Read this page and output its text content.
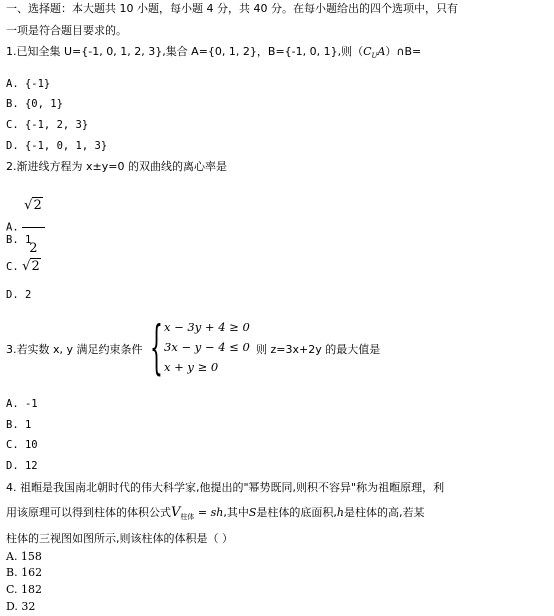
一、选择题：本大题共 10 小题，每小题 4 分，共 40 分。在每小题给出的四个选项中，只有
一项是符合题目要求的。
1.已知全集 U={-1, 0, 1, 2, 3},集合 A={0, 1, 2}，B={-1, 0, 1},则$(C_UA)\cap B=$
A. {-1}
B. {0, 1}
C. {-1, 2, 3}
D. {-1, 0, 1, 3}
2.渐进线方程为 x±y=0 的双曲线的离心率是
A. $\frac{√2}{2}$
B. 1
C. √2
D. 2
3.若实数 x, y 满足约束条件 { x − 3y + 4 ≥ 0
3x − y − 4 ≤ 0
x + y ≥ 0
则 z=3x+2y 的最大值是
A. -1
B. 1
C. 10
D. 12
4. 祖暅是我国南北朝时代的伟大科学家,他提出的"幂势既同,则积不容异"称为祖暅原理，利
用该原理可以得到柱体的体积公式$V_{柱体}$ = sh,其中S是柱体的底面积,h是柱体的高,若某
柱体的三视图如图所示,则该柱体的体积是（ ）
A. 158
B. 162
C. 182
D. 32
